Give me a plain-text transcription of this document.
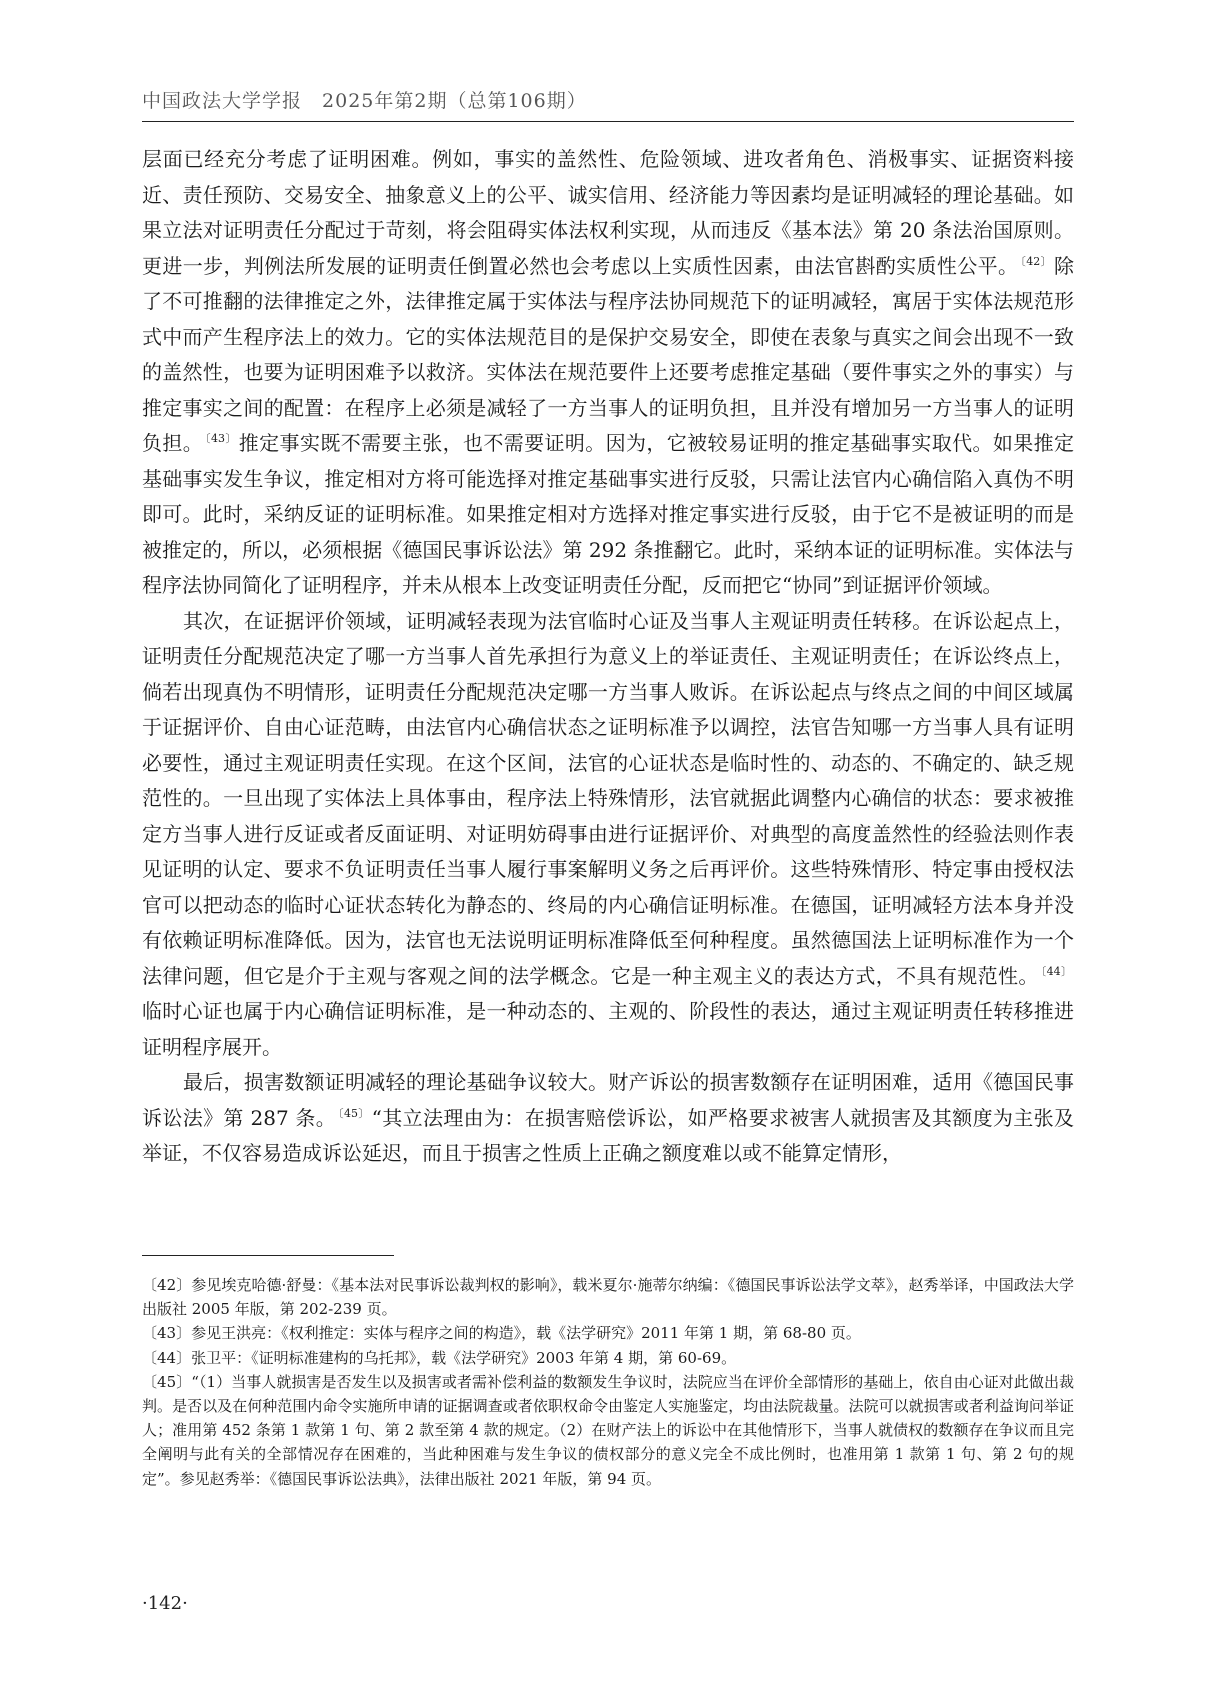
中国政法大学学报  2025年第2期（总第106期）

层面已经充分考虑了证明困难。例如，事实的盖然性、危险领域、进攻者角色、消极事实、证据资料接近、责任预防、交易安全、抽象意义上的公平、诚实信用、经济能力等因素均是证明减轻的理论基础。如果立法对证明责任分配过于苛刻，将会阻碍实体法权利实现，从而违反《基本法》第 20 条法治国原则。更进一步，判例法所发展的证明责任倒置必然也会考虑以上实质性因素，由法官斟酌实质性公平。 $^{〔42〕}$ 除了不可推翻的法律推定之外，法律推定属于实体法与程序法协同规范下的证明减轻，寓居于实体法规范形式中而产生程序法上的效力。它的实体法规范目的是保护交易安全，即使在表象与真实之间会出现不一致的盖然性，也要为证明困难予以救济。实体法在规范要件上还要考虑推定基础（要件事实之外的事实）与推定事实之间的配置：在程序上必须是减轻了一方当事人的证明负担，且并没有增加另一方当事人的证明负担。 $^{〔43〕}$ 推定事实既不需要主张，也不需要证明。因为，它被较易证明的推定基础事实取代。如果推定基础事实发生争议，推定相对方将可能选择对推定基础事实进行反驳，只需让法官内心确信陷入真伪不明即可。此时，采纳反证的证明标准。如果推定相对方选择对推定事实进行反驳，由于它不是被证明的而是被推定的，所以，必须根据《德国民事诉讼法》第 292 条推翻它。此时，采纳本证的证明标准。实体法与程序法协同简化了证明程序，并未从根本上改变证明责任分配，反而把它“协同”到证据评价领域。

其次，在证据评价领域，证明减轻表现为法官临时心证及当事人主观证明责任转移。在诉讼起点上，证明责任分配规范决定了哪一方当事人首先承担行为意义上的举证责任、主观证明责任；在诉讼终点上，倘若出现真伪不明情形，证明责任分配规范决定哪一方当事人败诉。在诉讼起点与终点之间的中间区域属于证据评价、自由心证范畴，由法官内心确信状态之证明标准予以调控，法官告知哪一方当事人具有证明必要性，通过主观证明责任实现。在这个区间，法官的心证状态是临时性的、动态的、不确定的、缺乏规范性的。一旦出现了实体法上具体事由，程序法上特殊情形，法官就据此调整内心确信的状态：要求被推定方当事人进行反证或者反面证明、对证明妨碍事由进行证据评价、对典型的高度盖然性的经验法则作表见证明的认定、要求不负证明责任当事人履行事案解明义务之后再评价。这些特殊情形、特定事由授权法官可以把动态的临时心证状态转化为静态的、终局的内心确信证明标准。在德国，证明减轻方法本身并没有依赖证明标准降低。因为，法官也无法说明证明标准降低至何种程度。虽然德国法上证明标准作为一个法律问题，但它是介于主观与客观之间的法学概念。它是一种主观主义的表达方式，不具有规范性。 $^{〔44〕}$临时心证也属于内心确信证明标准，是一种动态的、主观的、阶段性的表达，通过主观证明责任转移推进证明程序展开。

最后，损害数额证明减轻的理论基础争议较大。财产诉讼的损害数额存在证明困难，适用《德国民事诉讼法》第 287 条。 $^{〔45〕}$ “其立法理由为：在损害赔偿诉讼，如严格要求被害人就损害及其额度为主张及举证，不仅容易造成诉讼延迟，而且于损害之性质上正确之额度难以或不能算定情形，

〔42〕参见埃克哈德·舒曼：《基本法对民事诉讼裁判权的影响》，载米夏尔·施蒂尔纳编：《德国民事诉讼法学文萃》，赵秀举译，中国政法大学出版社 2005 年版，第 202-239 页。

〔43〕参见王洪亮：《权利推定：实体与程序之间的构造》，载《法学研究》2011 年第 1 期，第 68-80 页。

〔44〕张卫平：《证明标准建构的乌托邦》，载《法学研究》2003 年第 4 期，第 60-69。

〔45〕“（1）当事人就损害是否发生以及损害或者需补偿利益的数额发生争议时，法院应当在评价全部情形的基础上，依自由心证对此做出裁判。是否以及在何种范围内命令实施所申请的证据调查或者依职权命令由鉴定人实施鉴定，均由法院裁量。法院可以就损害或者利益询问举证人；准用第 452 条第 1 款第 1 句、第 2 款至第 4 款的规定。（2）在财产法上的诉讼中在其他情形下，当事人就债权的数额存在争议而且完全阐明与此有关的全部情况存在困难的，当此种困难与发生争议的债权部分的意义完全不成比例时，也准用第 1 款第 1 句、第 2 句的规定”。参见赵秀举：《德国民事诉讼法典》，法律出版社 2021 年版，第 94 页。

·142·
